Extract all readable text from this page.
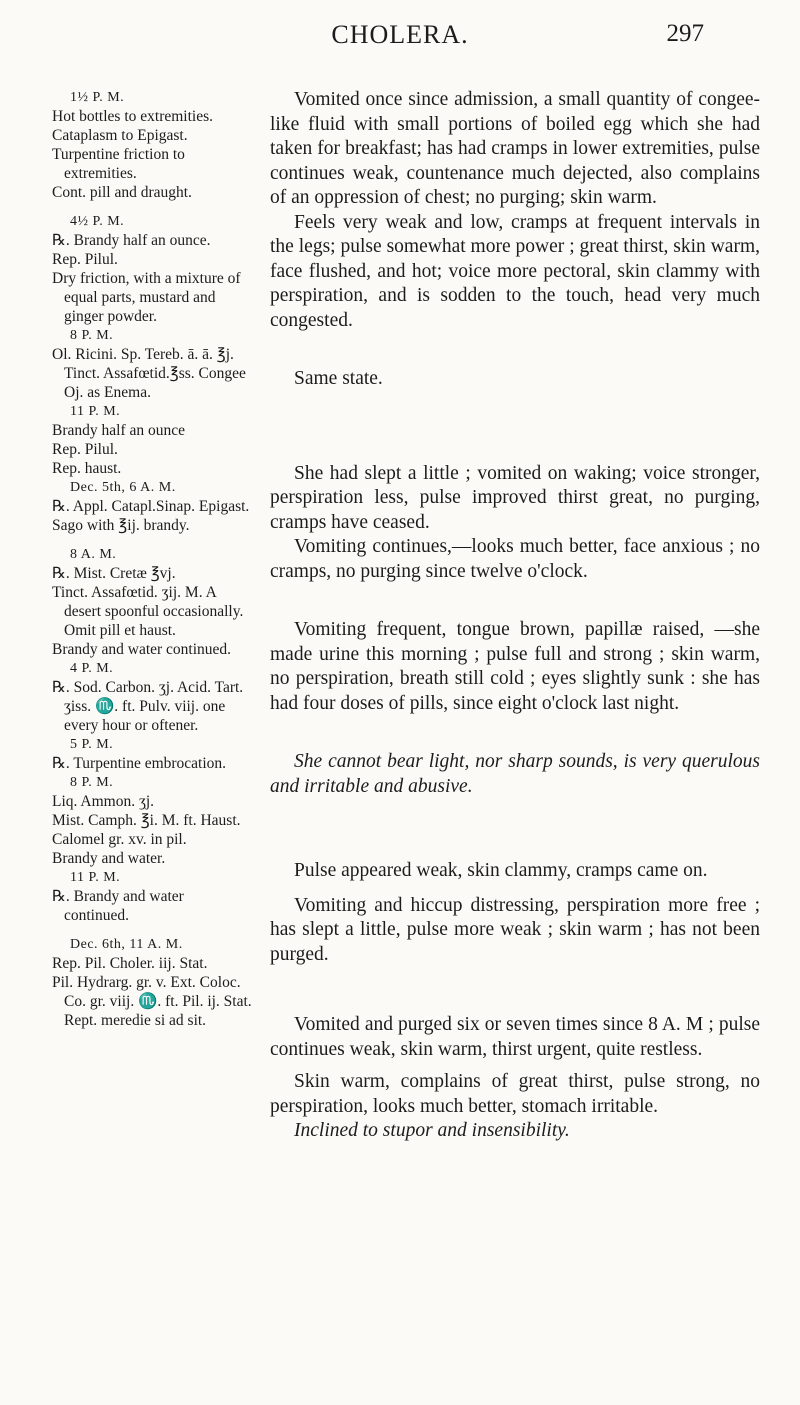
CHOLERA.	297
1½ P. M.
Hot bottles to extremities.
Cataplasm to Epigast.
Turpentine friction to extremities.
Cont. pill and draught.
4½ P. M.
℞. Brandy half an ounce.
Rep. Pilul.
Dry friction, with a mixture of equal parts, mustard and ginger powder.
8 P. M.
Ol. Ricini. Sp. Tereb. ā. ā. ℥j. Tinct. Assafœtid.℥ss. Congee Oj. as Enema.
11 P. M.
Brandy half an ounce
Rep. Pilul.
Rep. haust.
Dec. 5th, 6 A. M.
℞. Appl. Catapl.Sinap. Epigast.
Sago with ℥ij. brandy.
8 A. M.
℞. Mist. Cretæ ℥vj.
Tinct. Assafœtid. ʒij. M. A desert spoonful occasionally. Omit pill et haust.
Brandy and water continued.
4 P. M.
℞. Sod. Carbon. ʒj. Acid. Tart. ʒiss. ♏. ft. Pulv. viij. one every hour or oftener.
5 P. M.
℞. Turpentine embrocation.
8 P. M.
Liq. Ammon. ʒj.
Mist. Camph. ℥i. M. ft. Haust.
Calomel gr. xv. in pil.
Brandy and water.
11 P. M.
℞. Brandy and water continued.
Dec. 6th, 11 A. M.
Rep. Pil. Choler. iij. Stat.
Pil. Hydrarg. gr. v. Ext. Coloc. Co. gr. viij. ♏. ft. Pil. ij. Stat. Rept. meredie si ad sit.

Vomited once since admission, a small quantity of congee-like fluid with small portions of boiled egg which she had taken for breakfast; has had cramps in lower extremities, pulse continues weak, countenance much dejected, also complains of an oppression of chest; no purging; skin warm.

Feels very weak and low, cramps at frequent intervals in the legs; pulse somewhat more power ; great thirst, skin warm, face flushed, and hot; voice more pectoral, skin clammy with perspiration, and is sodden to the touch, head very much congested.

Same state.

She had slept a little ; vomited on waking; voice stronger, perspiration less, pulse improved thirst great, no purging, cramps have ceased.

Vomiting continues,—looks much better, face anxious ; no cramps, no purging since twelve o'clock.

Vomiting frequent, tongue brown, papillæ raised, —she made urine this morning ; pulse full and strong ; skin warm, no perspiration, breath still cold ; eyes slightly sunk : she has had four doses of pills, since eight o'clock last night.

She cannot bear light, nor sharp sounds, is very querulous and irritable and abusive.

Pulse appeared weak, skin clammy, cramps came on.

Vomiting and hiccup distressing, perspiration more free ; has slept a little, pulse more weak ; skin warm ; has not been purged.

Vomited and purged six or seven times since 8 A. M ; pulse continues weak, skin warm, thirst urgent, quite restless.

Skin warm, complains of great thirst, pulse strong, no perspiration, looks much better, stomach irritable.

Inclined to stupor and insensibility.
